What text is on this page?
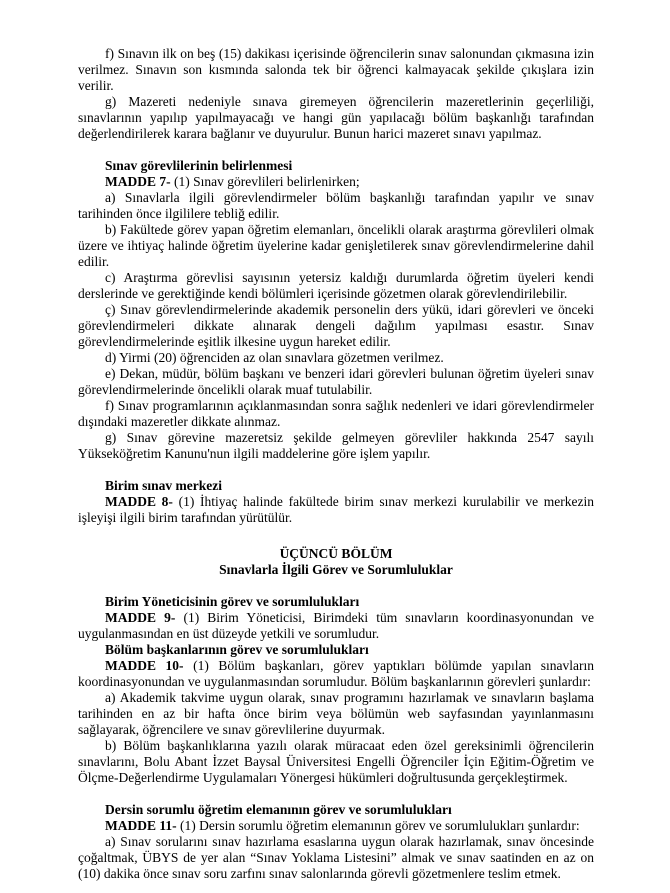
f) Sınavın ilk on beş (15) dakikası içerisinde öğrencilerin sınav salonundan çıkmasına izin verilmez. Sınavın son kısmında salonda tek bir öğrenci kalmayacak şekilde çıkışlara izin verilir.

g) Mazereti nedeniyle sınava giremeyen öğrencilerin mazeretlerinin geçerliliği, sınavlarının yapılıp yapılmayacağı ve hangi gün yapılacağı bölüm başkanlığı tarafından değerlendirilerek karara bağlanır ve duyurulur. Bunun harici mazeret sınavı yapılmaz.

Sınav görevlilerinin belirlenmesi

MADDE 7- (1) Sınav görevlileri belirlenirken;

a) Sınavlarla ilgili görevlendirmeler bölüm başkanlığı tarafından yapılır ve sınav tarihinden önce ilgililere tebliğ edilir.

b) Fakültede görev yapan öğretim elemanları, öncelikli olarak araştırma görevlileri olmak üzere ve ihtiyaç halinde öğretim üyelerine kadar genişletilerek sınav görevlendirmelerine dahil edilir.

c) Araştırma görevlisi sayısının yetersiz kaldığı durumlarda öğretim üyeleri kendi derslerinde ve gerektiğinde kendi bölümleri içerisinde gözetmen olarak görevlendirilebilir.

ç) Sınav görevlendirmelerinde akademik personelin ders yükü, idari görevleri ve önceki görevlendirmeleri dikkate alınarak dengeli dağılım yapılması esastır. Sınav görevlendirmelerinde eşitlik ilkesine uygun hareket edilir.

d) Yirmi (20) öğrenciden az olan sınavlara gözetmen verilmez.

e) Dekan, müdür, bölüm başkanı ve benzeri idari görevleri bulunan öğretim üyeleri sınav görevlendirmelerinde öncelikli olarak muaf tutulabilir.

f) Sınav programlarının açıklanmasından sonra sağlık nedenleri ve idari görevlendirmeler dışındaki mazeretler dikkate alınmaz.

g) Sınav görevine mazeretsiz şekilde gelmeyen görevliler hakkında 2547 sayılı Yükseköğretim Kanunu'nun ilgili maddelerine göre işlem yapılır.

Birim sınav merkezi

MADDE 8- (1) İhtiyaç halinde fakültede birim sınav merkezi kurulabilir ve merkezin işleyişi ilgili birim tarafından yürütülür.

ÜÇÜNCÜ BÖLÜM

Sınavlarla İlgili Görev ve Sorumluluklar

Birim Yöneticisinin görev ve sorumlulukları

MADDE 9- (1) Birim Yöneticisi, Birimdeki tüm sınavların koordinasyonundan ve uygulanmasından en üst düzeyde yetkili ve sorumludur.

Bölüm başkanlarının görev ve sorumlulukları

MADDE 10- (1) Bölüm başkanları, görev yaptıkları bölümde yapılan sınavların koordinasyonundan ve uygulanmasından sorumludur. Bölüm başkanlarının görevleri şunlardır:

a) Akademik takvime uygun olarak, sınav programını hazırlamak ve sınavların başlama tarihinden en az bir hafta önce birim veya bölümün web sayfasından yayınlanmasını sağlayarak, öğrencilere ve sınav görevlilerine duyurmak.

b) Bölüm başkanlıklarına yazılı olarak müracaat eden özel gereksinimli öğrencilerin sınavlarını, Bolu Abant İzzet Baysal Üniversitesi Engelli Öğrenciler İçin Eğitim-Öğretim ve Ölçme-Değerlendirme Uygulamaları Yönergesi hükümleri doğrultusunda gerçekleştirmek.

Dersin sorumlu öğretim elemanının görev ve sorumlulukları

MADDE 11- (1) Dersin sorumlu öğretim elemanının görev ve sorumlulukları şunlardır:

a) Sınav sorularını sınav hazırlama esaslarına uygun olarak hazırlamak, sınav öncesinde çoğaltmak, ÜBYS de yer alan “Sınav Yoklama Listesini” almak ve sınav saatinden en az on (10) dakika önce sınav soru zarfını sınav salonlarında görevli gözetmenlere teslim etmek.
